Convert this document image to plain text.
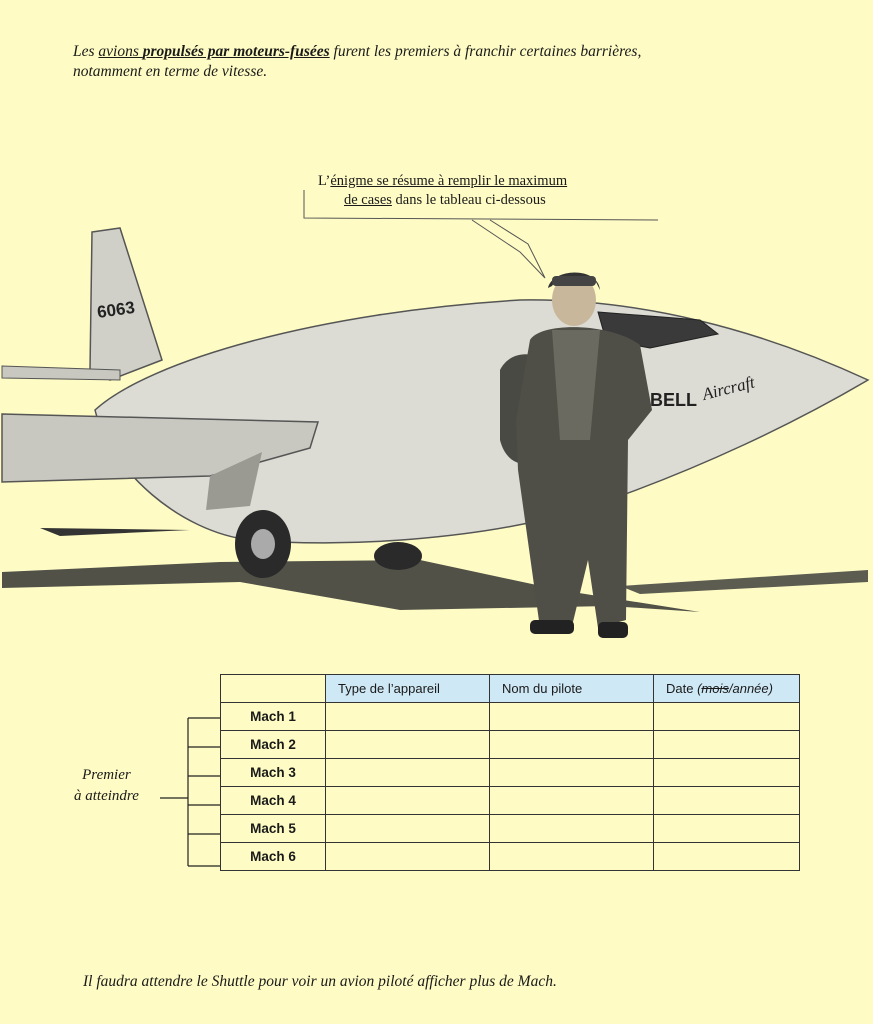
Les avions propulsés par moteurs-fusées furent les premiers à franchir certaines barrières,
notamment en terme de vitesse.
L’énigme se résume à remplir le maximum
de cases dans le tableau ci-dessous
6063
BELL Aircraft
	Type de l’appareil	Nom du pilote	Date (mois/année)
Mach 1			
Mach 2			
Mach 3			
Mach 4			
Mach 5			
Mach 6			
Premier
à atteindre
Il faudra attendre le Shuttle pour voir un avion piloté afficher plus de Mach.
